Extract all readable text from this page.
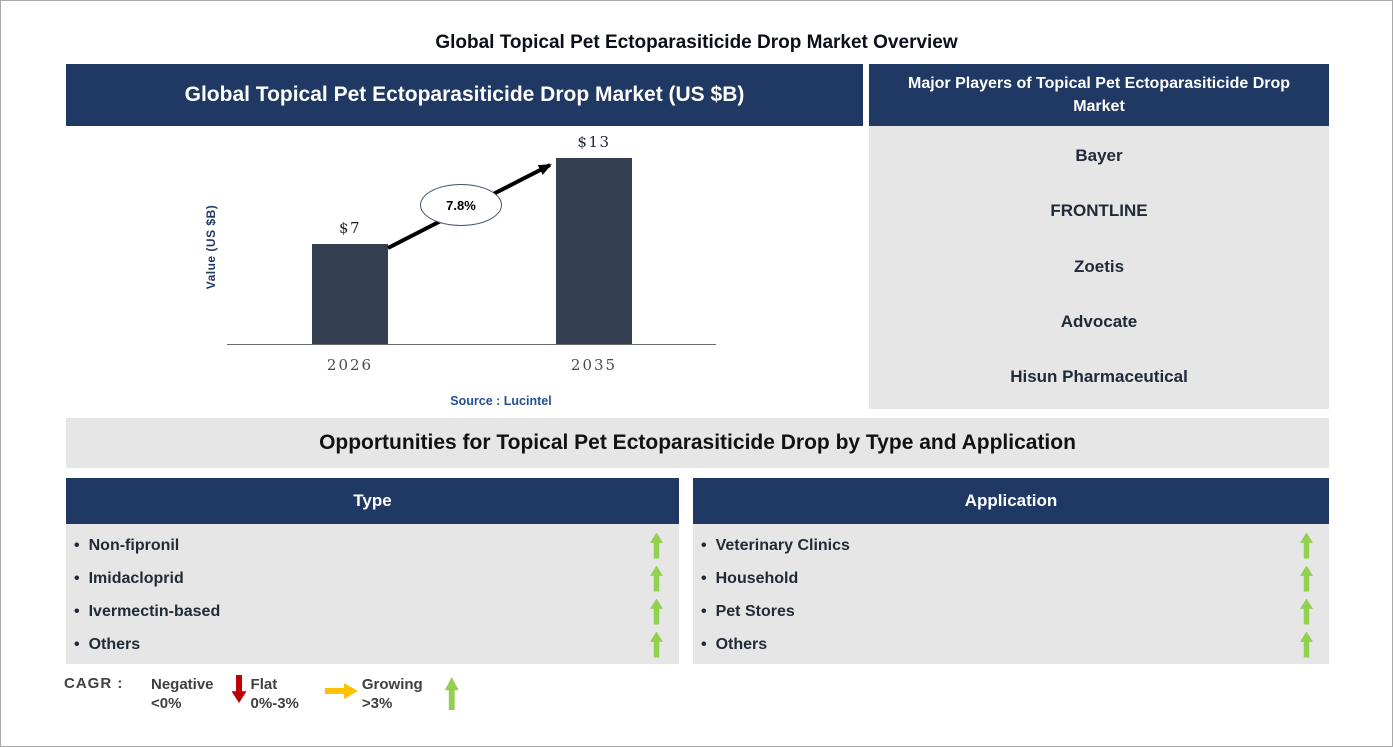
Global Topical Pet Ectoparasiticide Drop Market Overview
Global Topical Pet Ectoparasiticide Drop Market (US $B)	Major Players of Topical Pet Ectoparasiticide Drop Market
Value (US $B)	$7
$13
2026	2035
7.8%
Source : Lucintel
Bayer
FRONTLINE
Zoetis
Advocate
Hisun Pharmaceutical
Opportunities for Topical Pet Ectoparasiticide Drop by Type and Application
Type	Application
• Non-fipronil
• Imidacloprid
• Ivermectin-based
• Others
• Veterinary Clinics
• Household
• Pet Stores
• Others
CAGR :	Negative
<0%
Flat
0%-3%
Growing
>3%
